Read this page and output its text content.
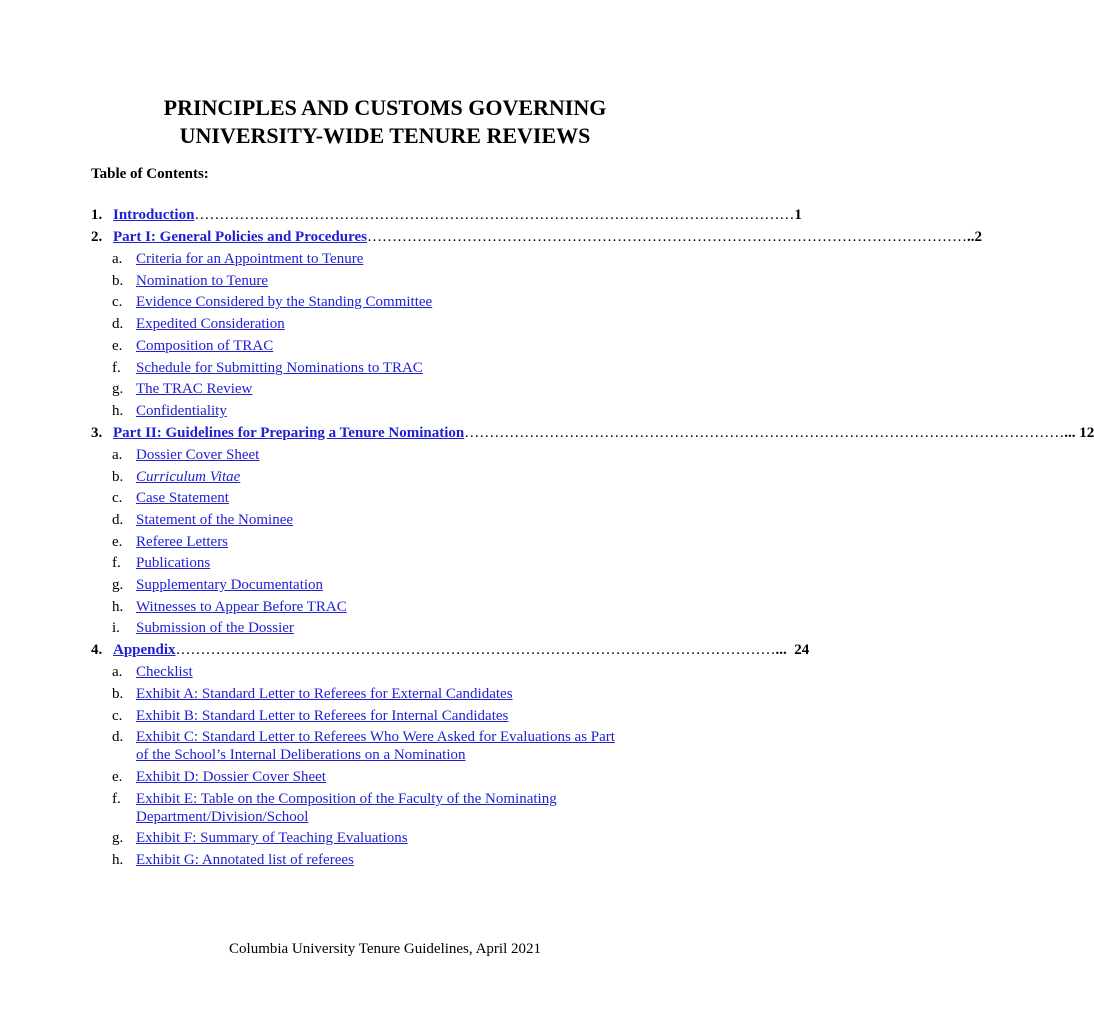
PRINCIPLES AND CUSTOMS GOVERNING
UNIVERSITY-WIDE TENURE REVIEWS
Table of Contents:
1. Introduction ………………………………………………………………………………………………………… 1
2. Part I: General Policies and Procedures ………………………………………………………………………………………………………… ..2
a. Criteria for an Appointment to Tenure
b. Nomination to Tenure
c. Evidence Considered by the Standing Committee
d. Expedited Consideration
e. Composition of TRAC
f. Schedule for Submitting Nominations to TRAC
g. The TRAC Review
h. Confidentiality
3. Part II: Guidelines for Preparing a Tenure Nomination ………………………………………………………………………………………………………… ... 12
a. Dossier Cover Sheet
b. Curriculum Vitae
c. Case Statement
d. Statement of the Nominee
e. Referee Letters
f. Publications
g. Supplementary Documentation
h. Witnesses to Appear Before TRAC
i. Submission of the Dossier
4. Appendix ………………………………………………………………………………………………………… ...  24
a. Checklist
b. Exhibit A: Standard Letter to Referees for External Candidates
c. Exhibit B: Standard Letter to Referees for Internal Candidates
d. Exhibit C: Standard Letter to Referees Who Were Asked for Evaluations as Part
of the School’s Internal Deliberations on a Nomination
e. Exhibit D: Dossier Cover Sheet
f. Exhibit E: Table on the Composition of the Faculty of the Nominating
Department/Division/School
g. Exhibit F: Summary of Teaching Evaluations
h. Exhibit G: Annotated list of referees
Columbia University Tenure Guidelines, April 2021
